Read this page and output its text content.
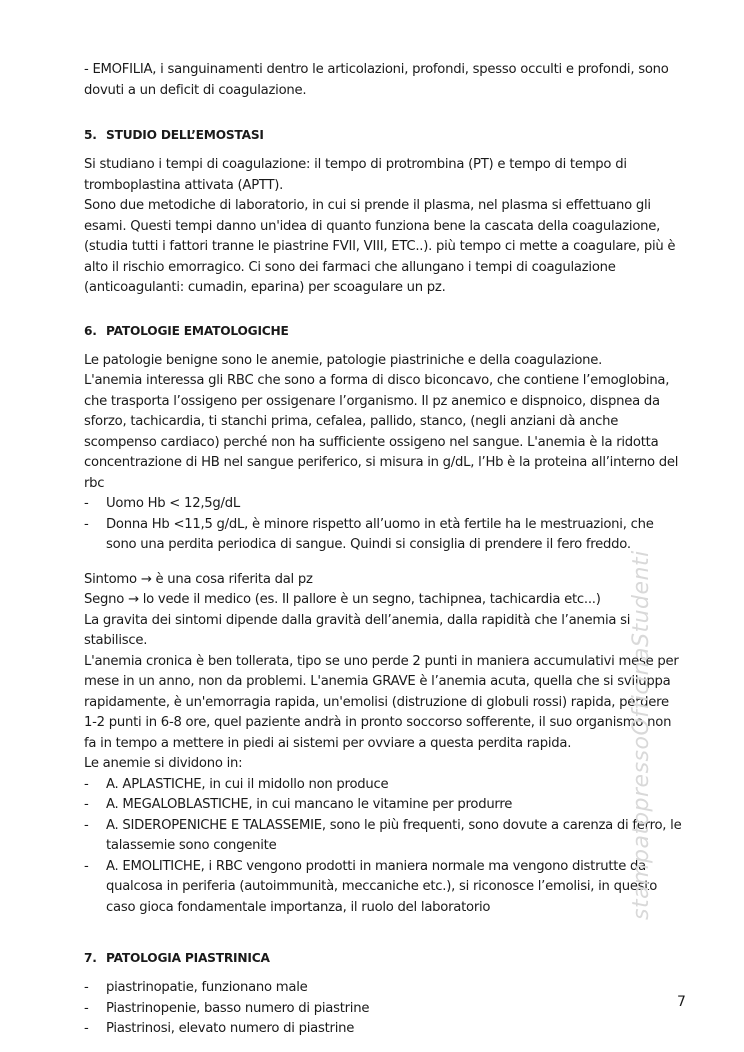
- EMOFILIA, i sanguinamenti dentro le articolazioni, profondi, spesso occulti e profondi, sono dovuti a un deficit di coagulazione.

5. STUDIO DELL’EMOSTASI

Si studiano i tempi di coagulazione: il tempo di protrombina (PT) e tempo di tempo di tromboplastina attivata (APTT).

Sono due metodiche di laboratorio, in cui si prende il plasma, nel plasma si effettuano gli esami. Questi tempi danno un'idea di quanto funziona bene la cascata della coagulazione, (studia tutti i fattori tranne le piastrine FVII, VIII, ETC..). più tempo ci mette a coagulare, più è alto il rischio emorragico. Ci sono dei farmaci che allungano i tempi di coagulazione (anticoagulanti: cumadin, eparina) per scoagulare un pz.

6. PATOLOGIE EMATOLOGICHE

Le patologie benigne sono le anemie, patologie piastriniche e della coagulazione.

L'anemia interessa gli RBC che sono a forma di disco biconcavo, che contiene l’emoglobina, che trasporta l’ossigeno per ossigenare l’organismo. Il pz anemico e dispnoico, dispnea da sforzo, tachicardia, ti stanchi prima, cefalea, pallido, stanco, (negli anziani dà anche scompenso cardiaco) perché non ha sufficiente ossigeno nel sangue. L'anemia è la ridotta concentrazione di HB nel sangue periferico, si misura in g/dL, l’Hb è la proteina all’interno del rbc

- Uomo Hb < 12,5g/dL
- Donna Hb <11,5 g/dL, è minore rispetto all’uomo in età fertile ha le mestruazioni, che sono una perdita periodica di sangue. Quindi si consiglia di prendere il fero freddo.

Sintomo → è una cosa riferita dal pz

Segno → lo vede il medico (es. Il pallore è un segno, tachipnea, tachicardia etc...)

La gravita dei sintomi dipende dalla gravità dell’anemia, dalla rapidità che l’anemia si stabilisce.

L'anemia cronica è ben tollerata, tipo se uno perde 2 punti in maniera accumulativi mese per mese in un anno, non da problemi. L'anemia GRAVE è l’anemia acuta, quella che si sviluppa rapidamente, è un'emorragia rapida, un'emolisi (distruzione di globuli rossi) rapida, perdere 1-2 punti in 6-8 ore, quel paziente andrà in pronto soccorso sofferente, il suo organismo non fa in tempo a mettere in piedi ai sistemi per ovviare a questa perdita rapida.

Le anemie si dividono in:

- A. APLASTICHE, in cui il midollo non produce
- A. MEGALOBLASTICHE, in cui mancano le vitamine per produrre
- A. SIDEROPENICHE E TALASSEMIE, sono le più frequenti, sono dovute a carenza di ferro, le talassemie sono congenite
- A. EMOLITICHE, i RBC vengono prodotti in maniera normale ma vengono distrutte da qualcosa in periferia (autoimmunità, meccaniche etc.), si riconosce l’emolisi, in questo caso gioca fondamentale importanza, il ruolo del laboratorio
7. PATOLOGIA PIASTRINICA
- piastrinopatie, funzionano male
- Piastrinopenie, basso numero di piastrine
- Piastrinosi, elevato numero di piastrine
stampatopressoOfficinaStudenti
7
